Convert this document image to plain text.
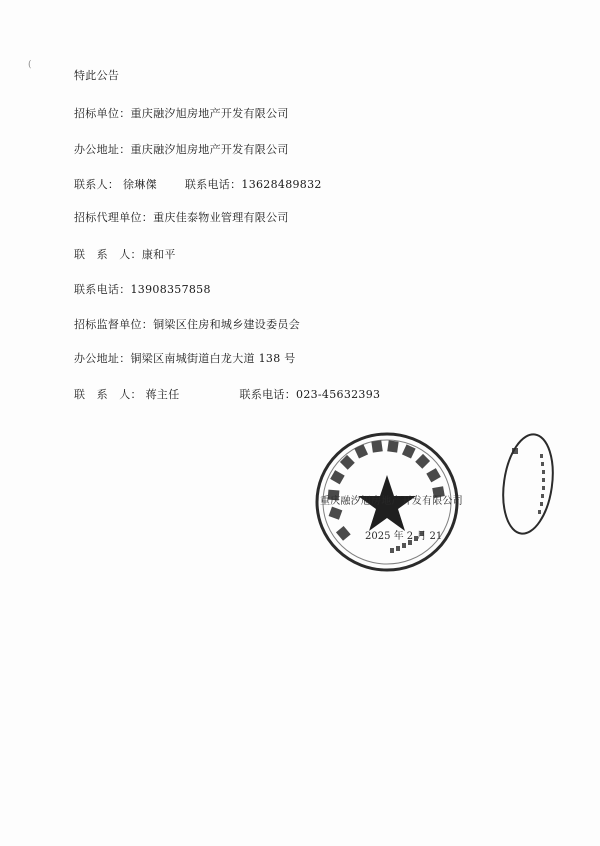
(
特此公告
招标单位：重庆融汐旭房地产开发有限公司
办公地址：重庆融汐旭房地产开发有限公司
联系人： 徐琳傑	联系电话：13628489832
招标代理单位：重庆佳泰物业管理有限公司
联　系　人：康和平
联系电话：13908357858
招标监督单位：铜梁区住房和城乡建设委员会
办公地址：铜梁区南城街道白龙大道 138 号
联　系　人： 蒋主任	联系电话：023-45632393
重庆融汐旭房地产开发有限公司
2025 年 2 月 21
